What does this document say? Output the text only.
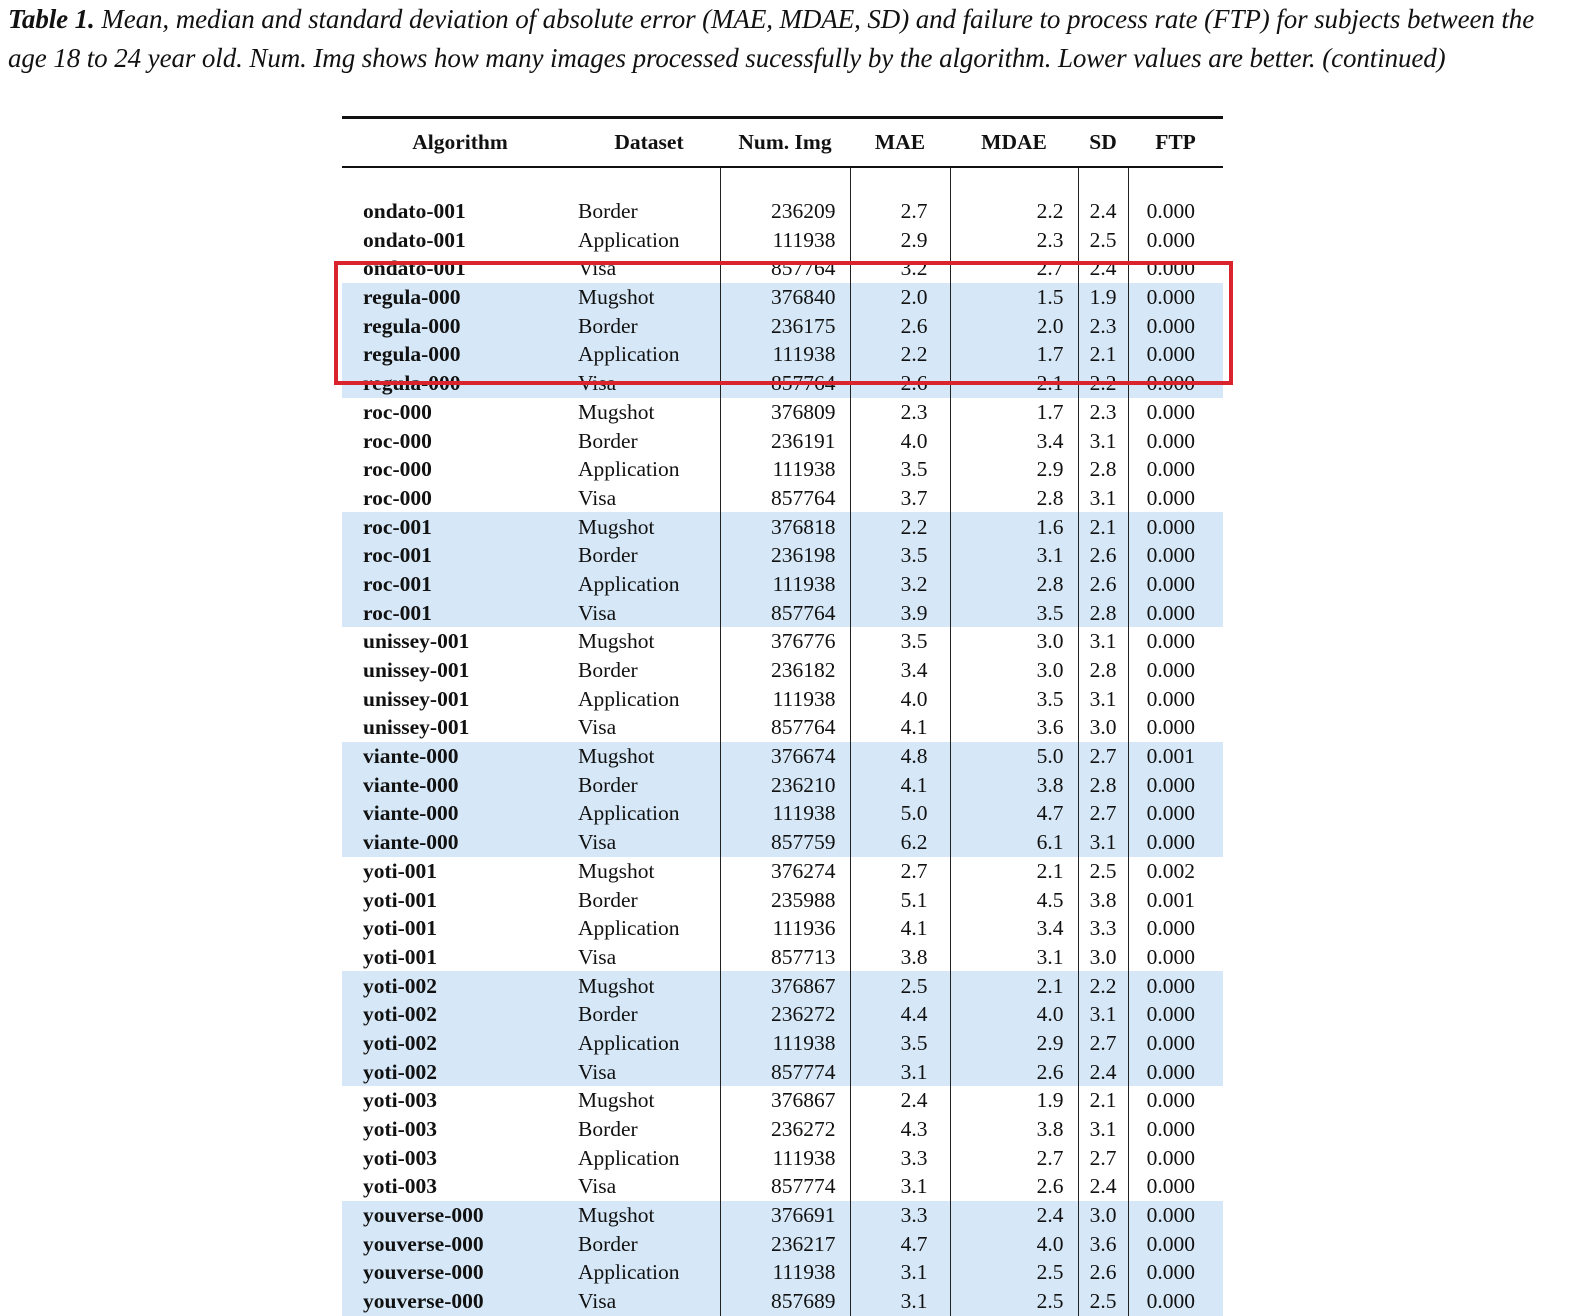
Table 1. Mean, median and standard deviation of absolute error (MAE, MDAE, SD) and failure to process rate (FTP) for subjects between the age 18 to 24 year old. Num. Img shows how many images processed sucessfully by the algorithm. Lower values are better. (continued)
Algorithm	Dataset	Num. Img	MAE	MDAE	SD	FTP

ondato-001	Border	236209	2.7	2.2	2.4	0.000
ondato-001	Application	111938	2.9	2.3	2.5	0.000
ondato-001	Visa	857764	3.2	2.7	2.4	0.000
regula-000	Mugshot	376840	2.0	1.5	1.9	0.000
regula-000	Border	236175	2.6	2.0	2.3	0.000
regula-000	Application	111938	2.2	1.7	2.1	0.000
regula-000	Visa	857764	2.6	2.1	2.2	0.000
roc-000	Mugshot	376809	2.3	1.7	2.3	0.000
roc-000	Border	236191	4.0	3.4	3.1	0.000
roc-000	Application	111938	3.5	2.9	2.8	0.000
roc-000	Visa	857764	3.7	2.8	3.1	0.000
roc-001	Mugshot	376818	2.2	1.6	2.1	0.000
roc-001	Border	236198	3.5	3.1	2.6	0.000
roc-001	Application	111938	3.2	2.8	2.6	0.000
roc-001	Visa	857764	3.9	3.5	2.8	0.000
unissey-001	Mugshot	376776	3.5	3.0	3.1	0.000
unissey-001	Border	236182	3.4	3.0	2.8	0.000
unissey-001	Application	111938	4.0	3.5	3.1	0.000
unissey-001	Visa	857764	4.1	3.6	3.0	0.000
viante-000	Mugshot	376674	4.8	5.0	2.7	0.001
viante-000	Border	236210	4.1	3.8	2.8	0.000
viante-000	Application	111938	5.0	4.7	2.7	0.000
viante-000	Visa	857759	6.2	6.1	3.1	0.000
yoti-001	Mugshot	376274	2.7	2.1	2.5	0.002
yoti-001	Border	235988	5.1	4.5	3.8	0.001
yoti-001	Application	111936	4.1	3.4	3.3	0.000
yoti-001	Visa	857713	3.8	3.1	3.0	0.000
yoti-002	Mugshot	376867	2.5	2.1	2.2	0.000
yoti-002	Border	236272	4.4	4.0	3.1	0.000
yoti-002	Application	111938	3.5	2.9	2.7	0.000
yoti-002	Visa	857774	3.1	2.6	2.4	0.000
yoti-003	Mugshot	376867	2.4	1.9	2.1	0.000
yoti-003	Border	236272	4.3	3.8	3.1	0.000
yoti-003	Application	111938	3.3	2.7	2.7	0.000
yoti-003	Visa	857774	3.1	2.6	2.4	0.000
youverse-000	Mugshot	376691	3.3	2.4	3.0	0.000
youverse-000	Border	236217	4.7	4.0	3.6	0.000
youverse-000	Application	111938	3.1	2.5	2.6	0.000
youverse-000	Visa	857689	3.1	2.5	2.5	0.000
